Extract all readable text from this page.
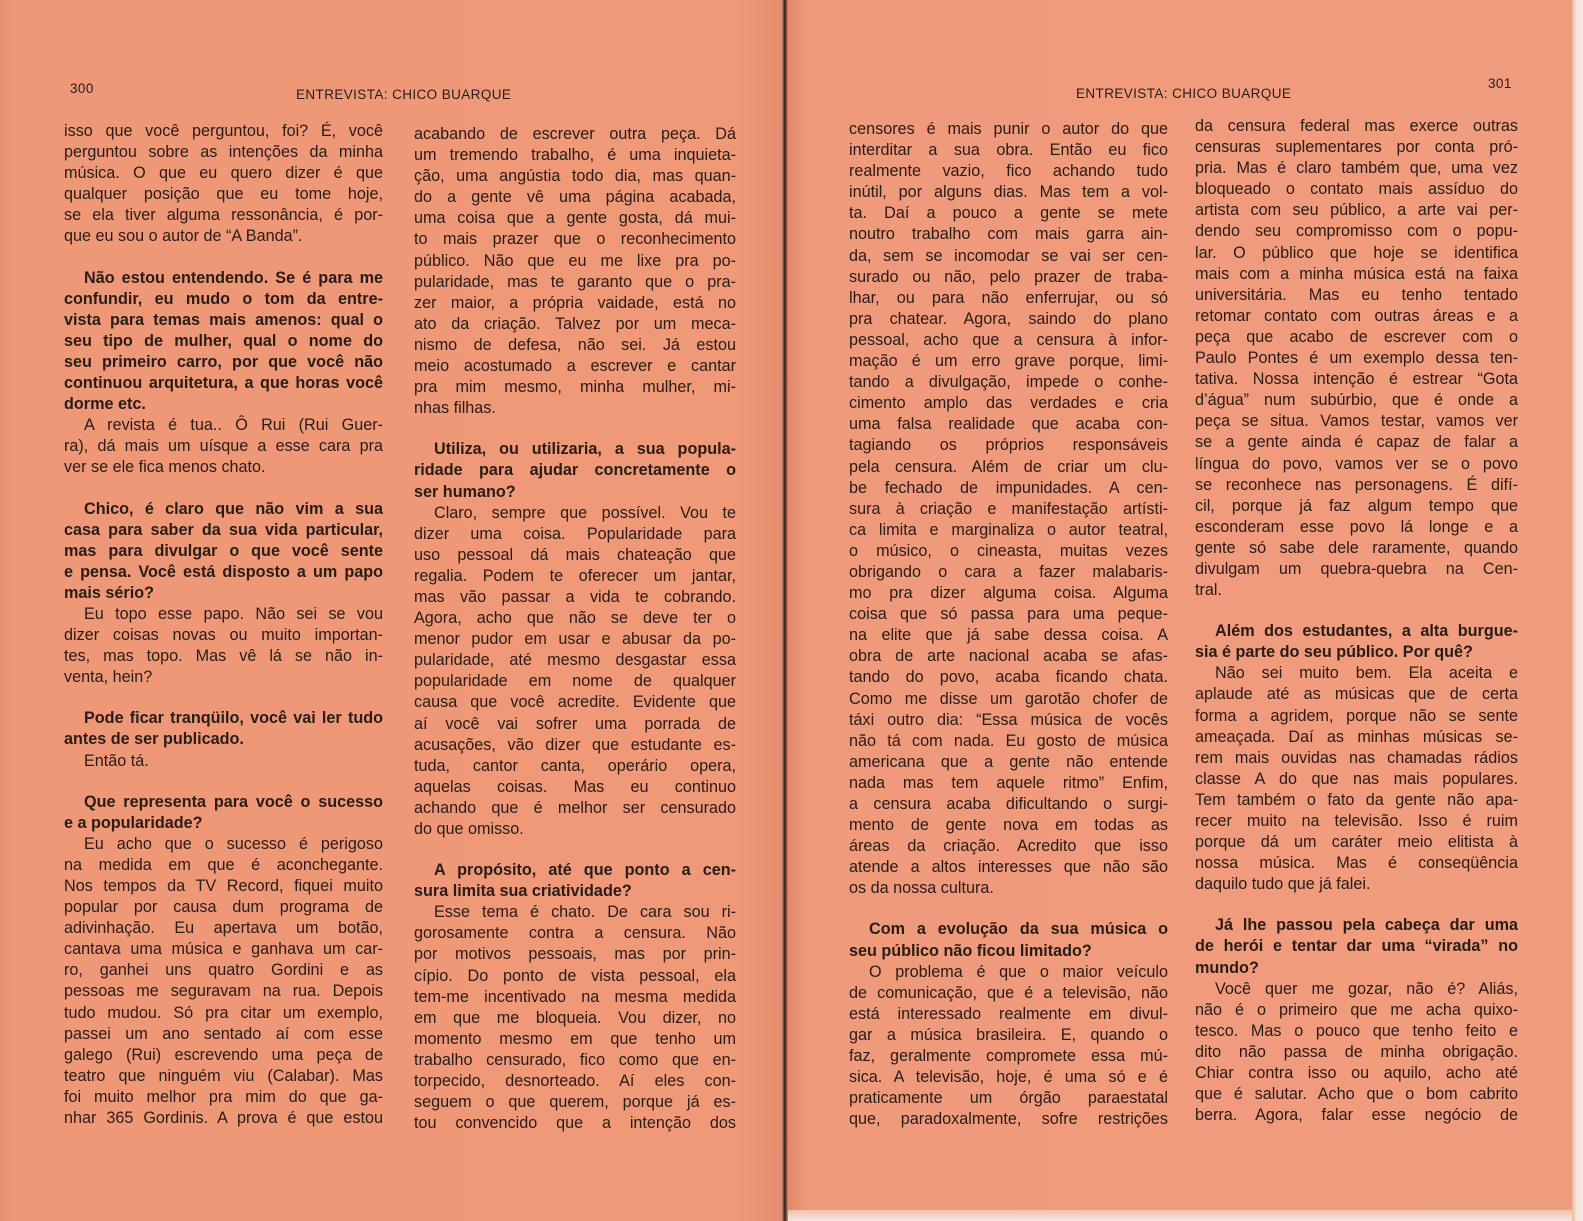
300	ENTREVISTA: CHICO BUARQUE	ENTREVISTA: CHICO BUARQUE
301
isso que você perguntou, foi? É, você
perguntou sobre as intenções da minha
música. O que eu quero dizer é que
qualquer posição que eu tome hoje,
se ela tiver alguma ressonância, é por-
que eu sou o autor de “A Banda”.
Não estou entendendo. Se é para me
confundir, eu mudo o tom da entre-
vista para temas mais amenos: qual o
seu tipo de mulher, qual o nome do
seu primeiro carro, por que você não
continuou arquitetura, a que horas você
dorme etc.
A revista é tua.. Ô Rui (Rui Guer-
ra), dá mais um uísque a esse cara pra
ver se ele fica menos chato.
Chico, é claro que não vim a sua
casa para saber da sua vida particular,
mas para divulgar o que você sente
e pensa. Você está disposto a um papo
mais sério?
Eu topo esse papo. Não sei se vou
dizer coisas novas ou muito importan-
tes, mas topo. Mas vê lá se não in-
venta, hein?
Pode ficar tranqüilo, você vai ler tudo
antes de ser publicado.
Então tá.
Que representa para você o sucesso
e a popularidade?
Eu acho que o sucesso é perigoso
na medida em que é aconchegante.
Nos tempos da TV Record, fiquei muito
popular por causa dum programa de
adivinhação. Eu apertava um botão,
cantava uma música e ganhava um car-
ro, ganhei uns quatro Gordini e as
pessoas me seguravam na rua. Depois
tudo mudou. Só pra citar um exemplo,
passei um ano sentado aí com esse
galego (Rui) escrevendo uma peça de
teatro que ninguém viu (Calabar). Mas
foi muito melhor pra mim do que ga-
nhar 365 Gordinis. A prova é que estou
acabando de escrever outra peça. Dá
um tremendo trabalho, é uma inquieta-
ção, uma angústia todo dia, mas quan-
do a gente vê uma página acabada,
uma coisa que a gente gosta, dá mui-
to mais prazer que o reconhecimento
público. Não que eu me lixe pra po-
pularidade, mas te garanto que o pra-
zer maior, a própria vaidade, está no
ato da criação. Talvez por um meca-
nismo de defesa, não sei. Já estou
meio acostumado a escrever e cantar
pra mim mesmo, minha mulher, mi-
nhas filhas.
Utiliza, ou utilizaria, a sua popula-
ridade para ajudar concretamente o
ser humano?
Claro, sempre que possível. Vou te
dizer uma coisa. Popularidade para
uso pessoal dá mais chateação que
regalia. Podem te oferecer um jantar,
mas vão passar a vida te cobrando.
Agora, acho que não se deve ter o
menor pudor em usar e abusar da po-
pularidade, até mesmo desgastar essa
popularidade em nome de qualquer
causa que você acredite. Evidente que
aí você vai sofrer uma porrada de
acusações, vão dizer que estudante es-
tuda, cantor canta, operário opera,
aquelas coisas. Mas eu continuo
achando que é melhor ser censurado
do que omisso.
A propósito, até que ponto a cen-
sura limita sua criatividade?
Esse tema é chato. De cara sou ri-
gorosamente contra a censura. Não
por motivos pessoais, mas por prin-
cípio. Do ponto de vista pessoal, ela
tem-me incentivado na mesma medida
em que me bloqueia. Vou dizer, no
momento mesmo em que tenho um
trabalho censurado, fico como que en-
torpecido, desnorteado. Aí eles con-
seguem o que querem, porque já es-
tou convencido que a intenção dos
censores é mais punir o autor do que
interditar a sua obra. Então eu fico
realmente vazio, fico achando tudo
inútil, por alguns dias. Mas tem a vol-
ta. Daí a pouco a gente se mete
noutro trabalho com mais garra ain-
da, sem se incomodar se vai ser cen-
surado ou não, pelo prazer de traba-
lhar, ou para não enferrujar, ou só
pra chatear. Agora, saindo do plano
pessoal, acho que a censura à infor-
mação é um erro grave porque, limi-
tando a divulgação, impede o conhe-
cimento amplo das verdades e cria
uma falsa realidade que acaba con-
tagiando os próprios responsáveis
pela censura. Além de criar um clu-
be fechado de impunidades. A cen-
sura à criação e manifestação artísti-
ca limita e marginaliza o autor teatral,
o músico, o cineasta, muitas vezes
obrigando o cara a fazer malabaris-
mo pra dizer alguma coisa. Alguma
coisa que só passa para uma peque-
na elite que já sabe dessa coisa. A
obra de arte nacional acaba se afas-
tando do povo, acaba ficando chata.
Como me disse um garotão chofer de
táxi outro dia: “Essa música de vocês
não tá com nada. Eu gosto de música
americana que a gente não entende
nada mas tem aquele ritmo” Enfim,
a censura acaba dificultando o surgi-
mento de gente nova em todas as
áreas da criação. Acredito que isso
atende a altos interesses que não são
os da nossa cultura.
Com a evolução da sua música o
seu público não ficou limitado?
O problema é que o maior veículo
de comunicação, que é a televisão, não
está interessado realmente em divul-
gar a música brasileira. E, quando o
faz, geralmente compromete essa mú-
sica. A televisão, hoje, é uma só e é
praticamente um órgão paraestatal
que, paradoxalmente, sofre restrições
da censura federal mas exerce outras
censuras suplementares por conta pró-
pria. Mas é claro também que, uma vez
bloqueado o contato mais assíduo do
artista com seu público, a arte vai per-
dendo seu compromisso com o popu-
lar. O público que hoje se identifica
mais com a minha música está na faixa
universitária. Mas eu tenho tentado
retomar contato com outras áreas e a
peça que acabo de escrever com o
Paulo Pontes é um exemplo dessa ten-
tativa. Nossa intenção é estrear “Gota
d’água” num subúrbio, que é onde a
peça se situa. Vamos testar, vamos ver
se a gente ainda é capaz de falar a
língua do povo, vamos ver se o povo
se reconhece nas personagens. É difí-
cil, porque já faz algum tempo que
esconderam esse povo lá longe e a
gente só sabe dele raramente, quando
divulgam um quebra-quebra na Cen-
tral.
Além dos estudantes, a alta burgue-
sia é parte do seu público. Por quê?
Não sei muito bem. Ela aceita e
aplaude até as músicas que de certa
forma a agridem, porque não se sente
ameaçada. Daí as minhas músicas se-
rem mais ouvidas nas chamadas rádios
classe A do que nas mais populares.
Tem também o fato da gente não apa-
recer muito na televisão. Isso é ruim
porque dá um caráter meio elitista à
nossa música. Mas é conseqüência
daquilo tudo que já falei.
Já lhe passou pela cabeça dar uma
de herói e tentar dar uma “virada” no
mundo?
Você quer me gozar, não é? Aliás,
não é o primeiro que me acha quixo-
tesco. Mas o pouco que tenho feito e
dito não passa de minha obrigação.
Chiar contra isso ou aquilo, acho até
que é salutar. Acho que o bom cabrito
berra. Agora, falar esse negócio de
